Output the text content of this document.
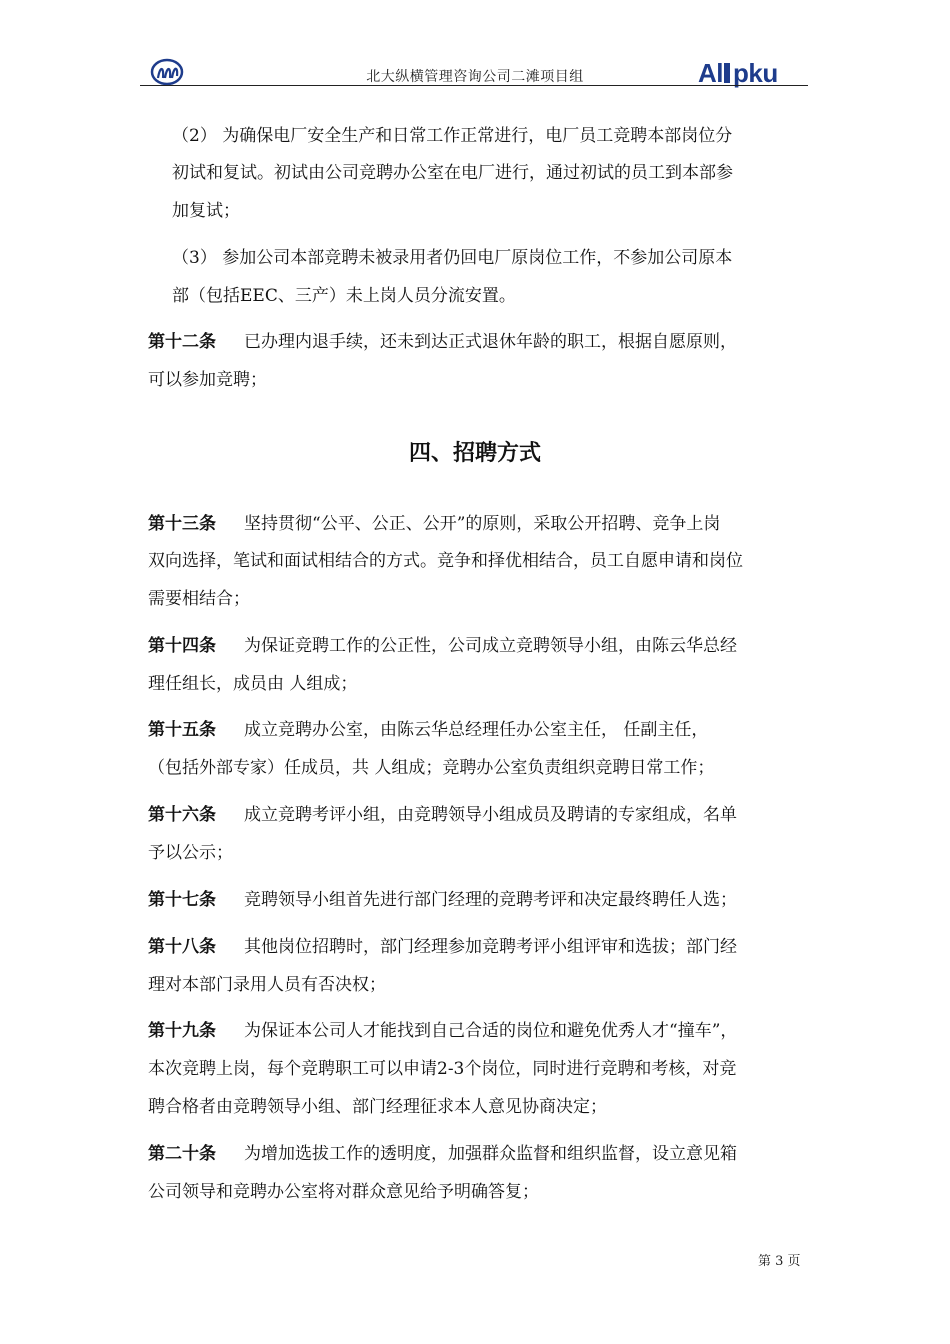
北大纵横管理咨询公司二滩项目组	Al pku
（2） 为确保电厂安全生产和日常工作正常进行，电厂员工竞聘本部岗位分
初试和复试。初试由公司竞聘办公室在电厂进行，通过初试的员工到本部参
加复试；
（3） 参加公司本部竞聘未被录用者仍回电厂原岗位工作，不参加公司原本
部（包括EEC、三产）未上岗人员分流安置。
第十二条 已办理内退手续，还未到达正式退休年龄的职工，根据自愿原则，
可以参加竞聘；
四、招聘方式
第十三条 坚持贯彻“公平、公正、公开”的原则，采取公开招聘、竞争上岗
双向选择，笔试和面试相结合的方式。竞争和择优相结合，员工自愿申请和岗位
需要相结合；
第十四条 为保证竞聘工作的公正性，公司成立竞聘领导小组，由陈云华总经
理任组长，成员由 人组成；
第十五条 成立竞聘办公室，由陈云华总经理任办公室主任， 任副主任，
（包括外部专家）任成员，共 人组成；竞聘办公室负责组织竞聘日常工作；
第十六条 成立竞聘考评小组，由竞聘领导小组成员及聘请的专家组成，名单
予以公示；
第十七条 竞聘领导小组首先进行部门经理的竞聘考评和决定最终聘任人选；
第十八条 其他岗位招聘时，部门经理参加竞聘考评小组评审和选拔；部门经
理对本部门录用人员有否决权；
第十九条 为保证本公司人才能找到自己合适的岗位和避免优秀人才“撞车”，
本次竞聘上岗，每个竞聘职工可以申请2-3个岗位，同时进行竞聘和考核，对竞
聘合格者由竞聘领导小组、部门经理征求本人意见协商决定；
第二十条 为增加选拔工作的透明度，加强群众监督和组织监督，设立意见箱
公司领导和竞聘办公室将对群众意见给予明确答复；
第 3 页
